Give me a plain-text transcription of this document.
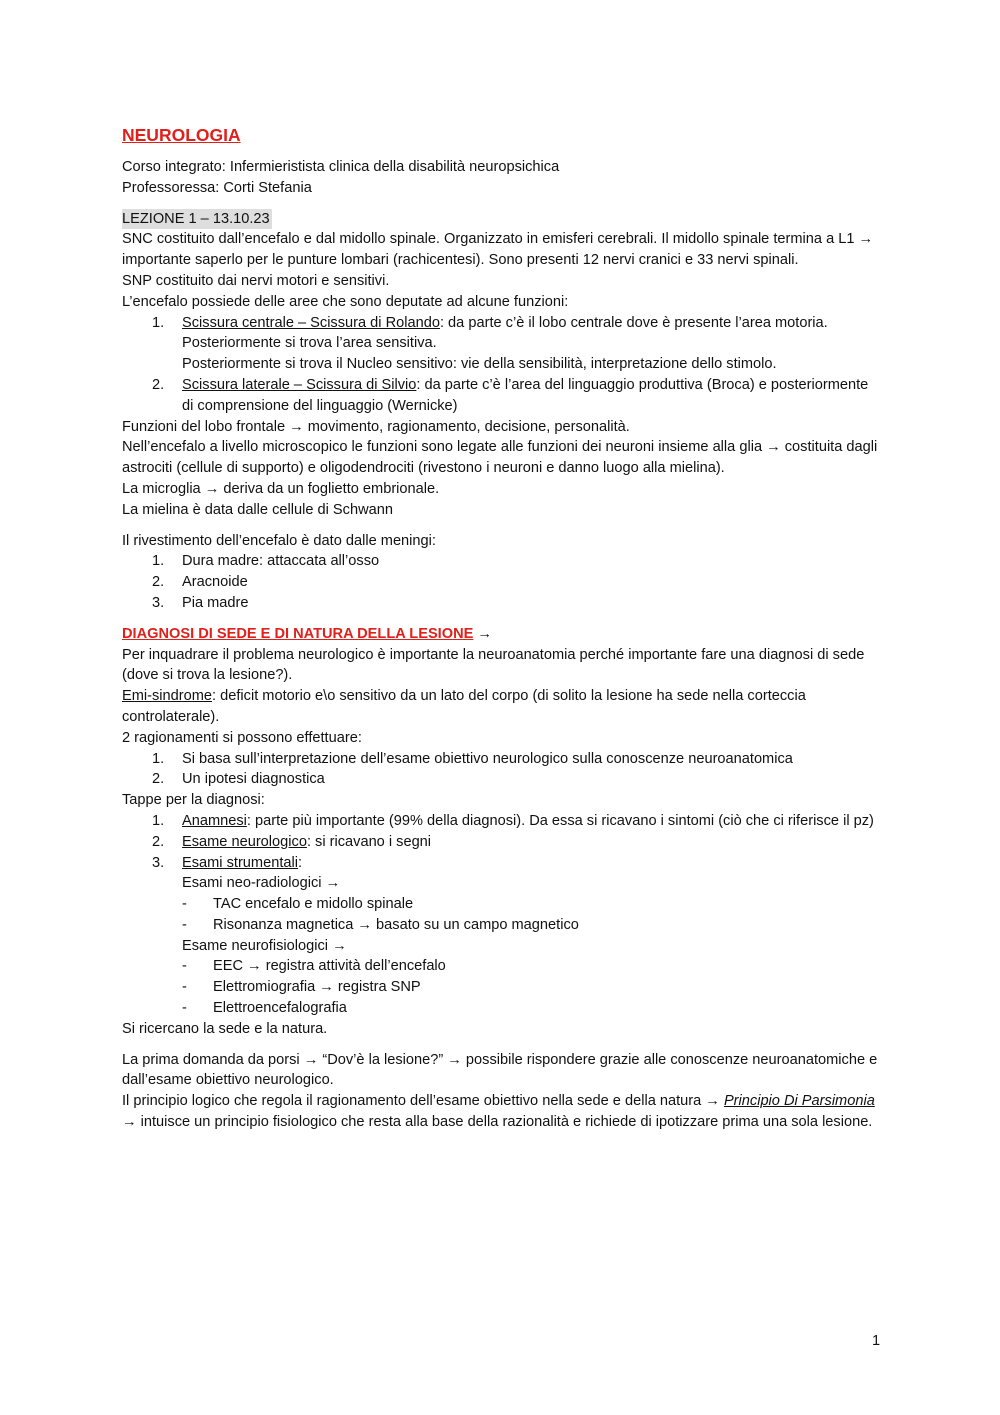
NEUROLOGIA

Corso integrato: Infermieristista clinica della disabilità neuropsichica

Professoressa: Corti Stefania

LEZIONE 1 – 13.10.23

SNC costituito dall’encefalo e dal midollo spinale. Organizzato in emisferi cerebrali. Il midollo spinale termina a L1 → importante saperlo per le punture lombari (rachicentesi). Sono presenti 12 nervi cranici e 33 nervi spinali.

SNP costituito dai nervi motori e sensitivi.

L’encefalo possiede delle aree che sono deputate ad alcune funzioni:

1. Scissura centrale – Scissura di Rolando: da parte c’è il lobo centrale dove è presente l’area motoria.
Posteriormente si trova l’area sensitiva.
Posteriormente si trova il Nucleo sensitivo: vie della sensibilità, interpretazione dello stimolo.
2. Scissura laterale – Scissura di Silvio: da parte c’è l’area del linguaggio produttiva (Broca) e posteriormente di comprensione del linguaggio (Wernicke)

Funzioni del lobo frontale → movimento, ragionamento, decisione, personalità.

Nell’encefalo a livello microscopico le funzioni sono legate alle funzioni dei neuroni insieme alla glia → costituita dagli astrociti (cellule di supporto) e oligodendrociti (rivestono i neuroni e danno luogo alla mielina).

La microglia → deriva da un foglietto embrionale.

La mielina è data dalle cellule di Schwann

Il rivestimento dell’encefalo è dato dalle meningi:

1. Dura madre: attaccata all’osso
2. Aracnoide
3. Pia madre

DIAGNOSI DI SEDE E DI NATURA DELLA LESIONE →

Per inquadrare il problema neurologico è importante la neuroanatomia perché importante fare una diagnosi di sede (dove si trova la lesione?).

Emi-sindrome: deficit motorio e\o sensitivo da un lato del corpo (di solito la lesione ha sede nella corteccia controlaterale).

2 ragionamenti si possono effettuare:

1. Si basa sull’interpretazione dell’esame obiettivo neurologico sulla conoscenze neuroanatomica
2. Un ipotesi diagnostica

Tappe per la diagnosi:

1. Anamnesi: parte più importante (99% della diagnosi). Da essa si ricavano i sintomi (ciò che ci riferisce il pz)
2. Esame neurologico: si ricavano i segni
3. Esami strumentali:
Esami neo-radiologici →
- TAC encefalo e midollo spinale
- Risonanza magnetica → basato su un campo magnetico
Esame neurofisiologici →
- EEC → registra attività dell’encefalo
- Elettromiografia → registra SNP
- Elettroencefalografia

Si ricercano la sede e la natura.

La prima domanda da porsi → “Dov’è la lesione?” → possibile rispondere grazie alle conoscenze neuroanatomiche e dall’esame obiettivo neurologico.

Il principio logico che regola il ragionamento dell’esame obiettivo nella sede e della natura → Principio Di Parsimonia → intuisce un principio fisiologico che resta alla base della razionalità e richiede di ipotizzare prima una sola lesione.

1
